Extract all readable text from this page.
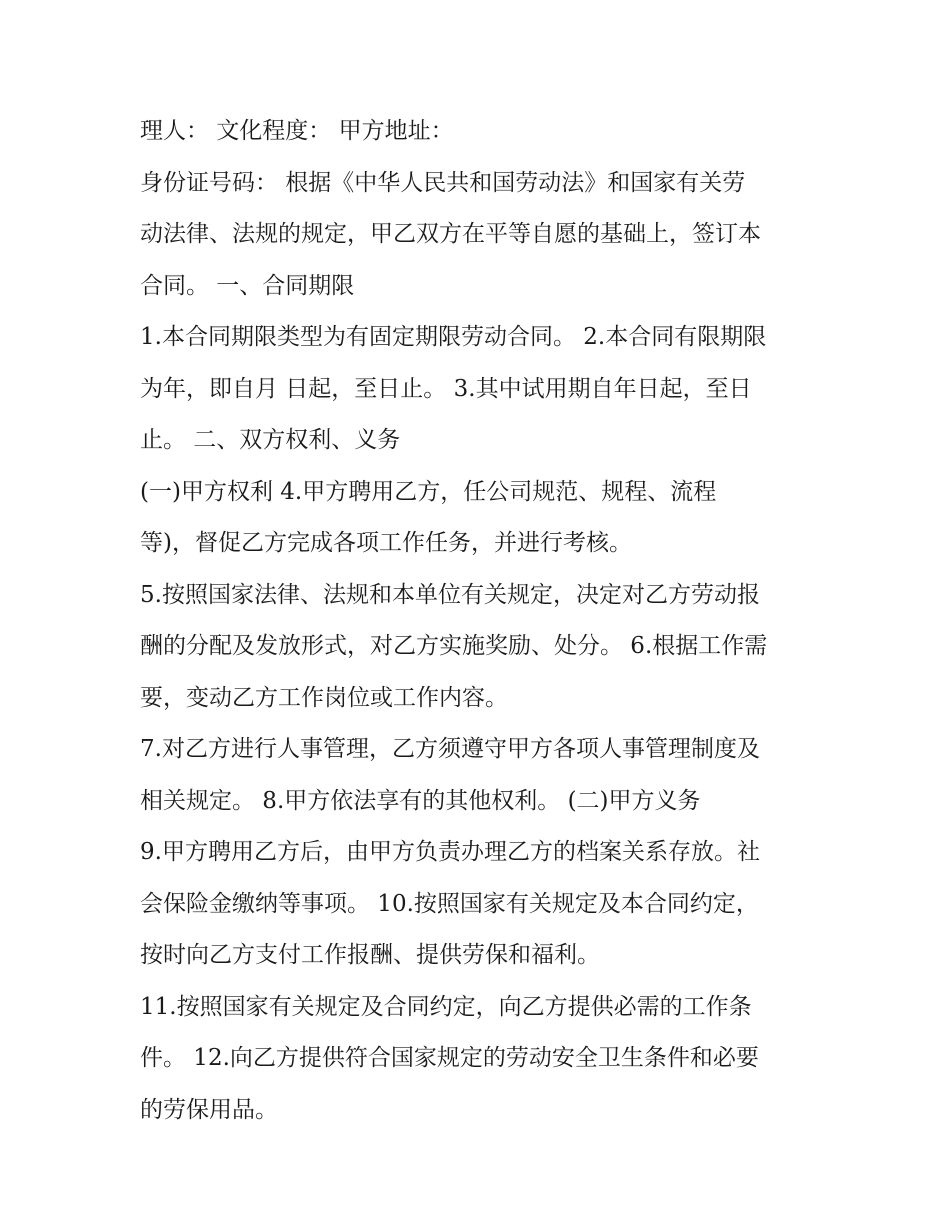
理人： 文化程度： 甲方地址：
身份证号码： 根据《中华人民共和国劳动法》和国家有关劳
动法律、法规的规定，甲乙双方在平等自愿的基础上，签订本
合同。 一、合同期限
1.本合同期限类型为有固定期限劳动合同。 2.本合同有限期限
为年，即自月 日起，至日止。 3.其中试用期自年日起，至日
止。 二、双方权利、义务
(一)甲方权利 4.甲方聘用乙方，任公司规范、规程、流程
等)，督促乙方完成各项工作任务，并进行考核。
5.按照国家法律、法规和本单位有关规定，决定对乙方劳动报
酬的分配及发放形式，对乙方实施奖励、处分。 6.根据工作需
要，变动乙方工作岗位或工作内容。
7.对乙方进行人事管理，乙方须遵守甲方各项人事管理制度及
相关规定。 8.甲方依法享有的其他权利。 (二)甲方义务
9.甲方聘用乙方后，由甲方负责办理乙方的档案关系存放。社
会保险金缴纳等事项。 10.按照国家有关规定及本合同约定，
按时向乙方支付工作报酬、提供劳保和福利。
11.按照国家有关规定及合同约定，向乙方提供必需的工作条
件。 12.向乙方提供符合国家规定的劳动安全卫生条件和必要
的劳保用品。
